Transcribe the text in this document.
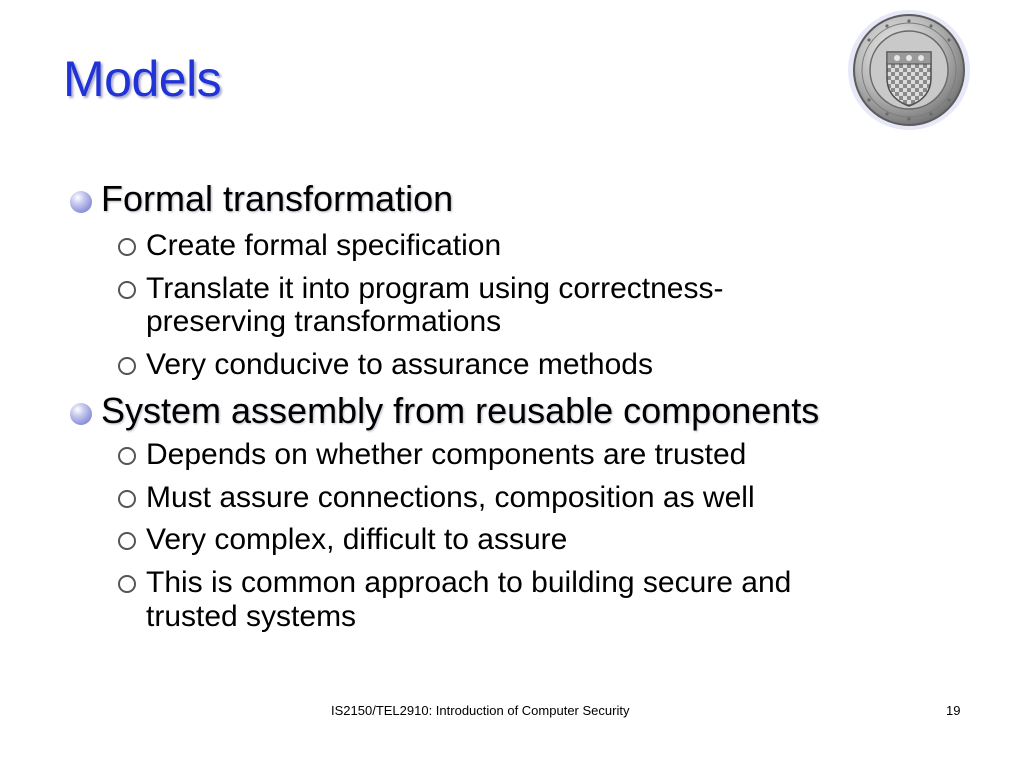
Models
Formal transformation
Create formal specification
Translate it into program using correctness-
preserving transformations
Very conducive to assurance methods
System assembly from reusable components
Depends on whether components are trusted
Must assure connections, composition as well
Very complex, difficult to assure
This is common approach to building secure and
trusted systems
IS2150/TEL2910: Introduction of Computer Security	19
